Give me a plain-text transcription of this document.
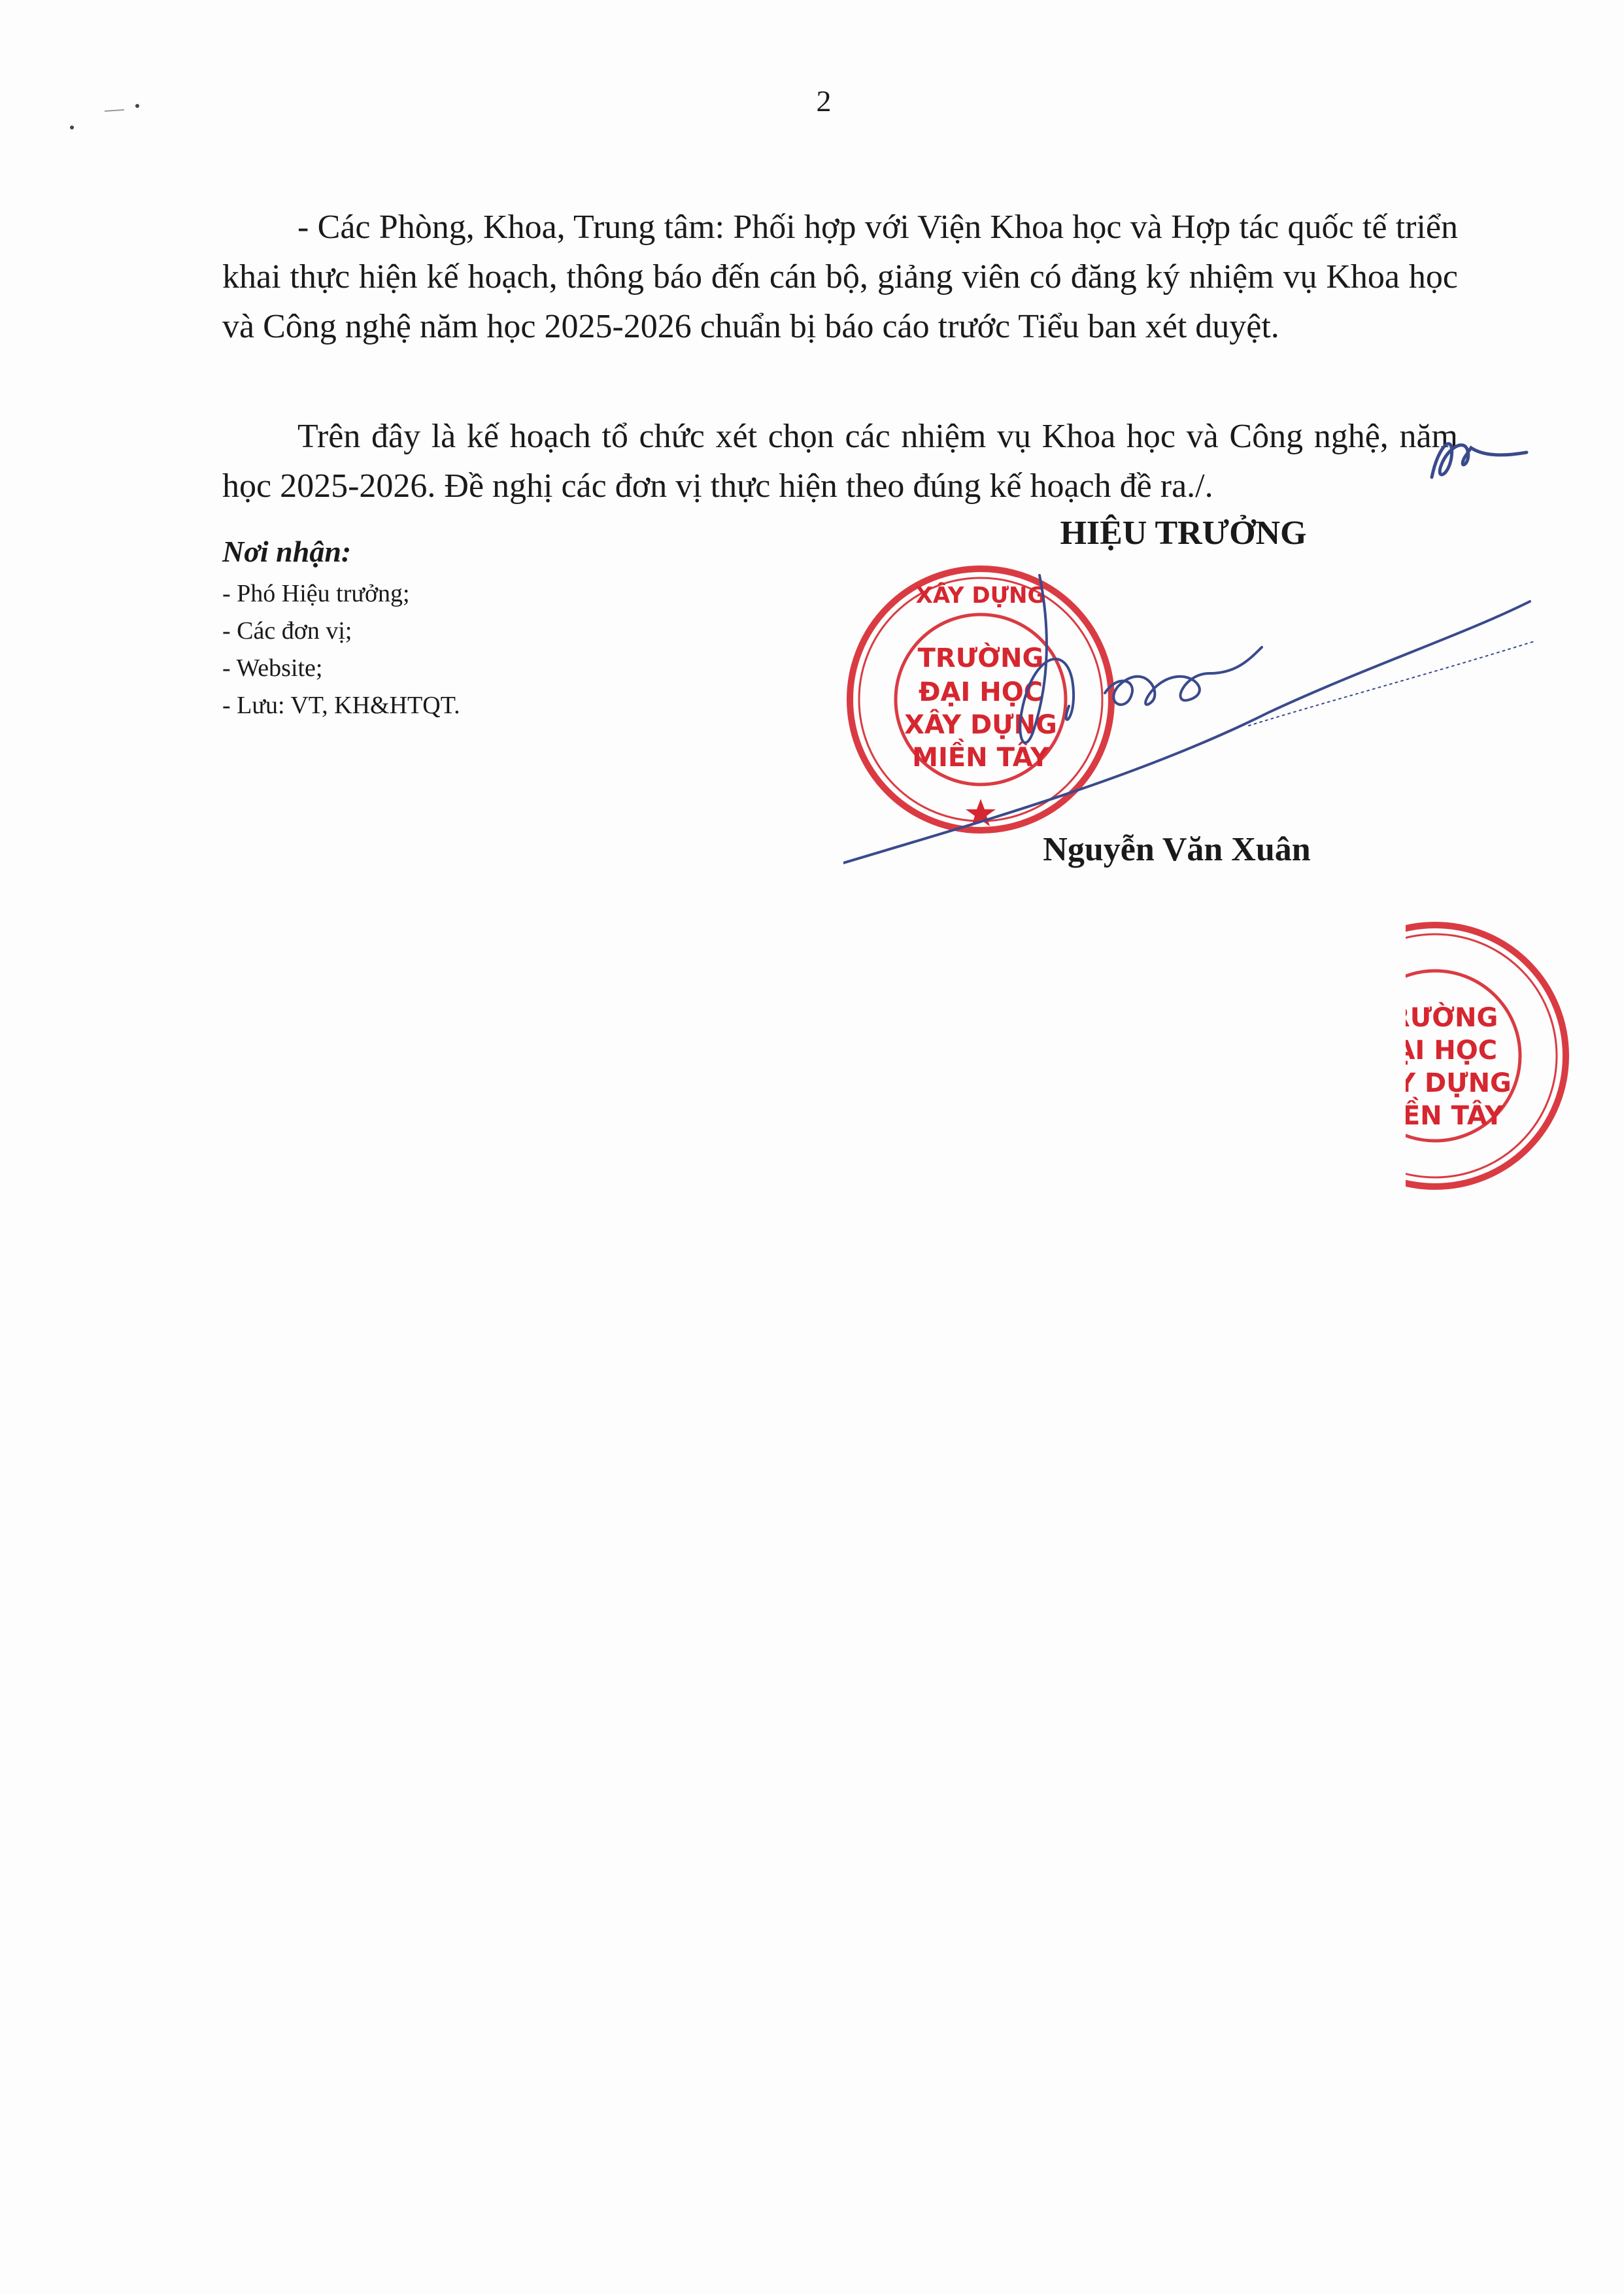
2

- Các Phòng, Khoa, Trung tâm: Phối hợp với Viện Khoa học và Hợp tác quốc tế triển khai thực hiện kế hoạch, thông báo đến cán bộ, giảng viên có đăng ký nhiệm vụ Khoa học và Công nghệ năm học 2025-2026 chuẩn bị báo cáo trước Tiểu ban xét duyệt.

Trên đây là kế hoạch tổ chức xét chọn các nhiệm vụ Khoa học và Công nghệ, năm học 2025-2026. Đề nghị các đơn vị thực hiện theo đúng kế hoạch đề ra./.

Nơi nhận:
- Phó Hiệu trưởng;
- Các đơn vị;
- Website;
- Lưu: VT, KH&HTQT.
HIỆU TRƯỞNG
XÂY DỰNG
TRƯỜNG
ĐẠI HỌC
XÂY DỰNG
MIỀN TÂY
Nguyễn Văn Xuân
TRƯỜNG
ĐẠI HỌC
XÂY DỰNG
MIỀN TÂY
